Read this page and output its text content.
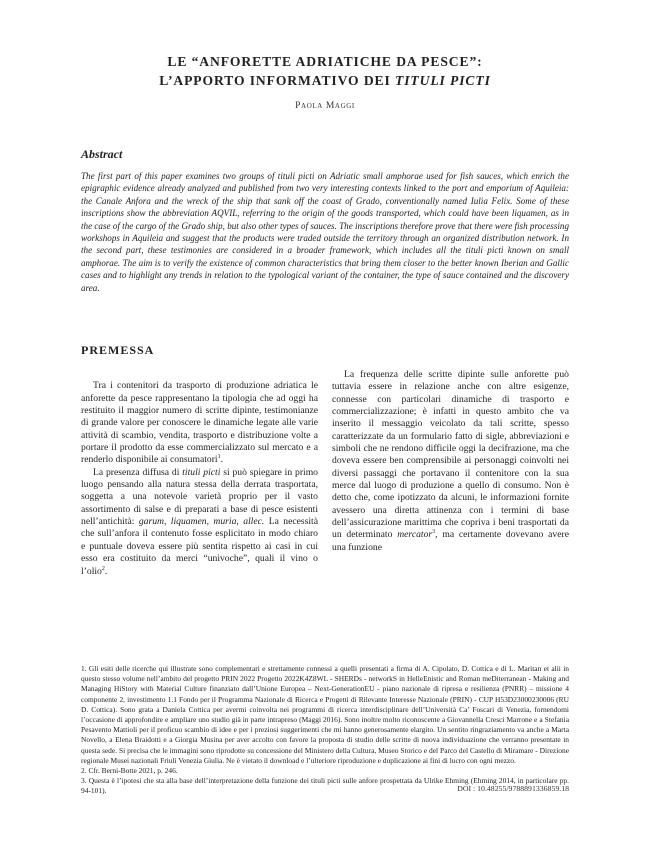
LE “ANFORETTE ADRIATICHE DA PESCE”:
L’APPORTO INFORMATIVO DEI TITULI PICTI
Paola Maggi
Abstract
The first part of this paper examines two groups of tituli picti on Adriatic small amphorae used for fish sauces, which enrich the epigraphic evidence already analyzed and published from two very interesting contexts linked to the port and emporium of Aquileia: the Canale Anfora and the wreck of the ship that sank off the coast of Grado, conventionally named Iulia Felix. Some of these inscriptions show the abbreviation AQVIL, referring to the origin of the goods transported, which could have been liquamen, as in the case of the cargo of the Grado ship, but also other types of sauces. The inscriptions therefore prove that there were fish processing workshops in Aquileia and suggest that the products were traded outside the territory through an organized distribution network. In the second part, these testimonies are considered in a broader framework, which includes all the tituli picti known on small amphorae. The aim is to verify the existence of common characteristics that bring them closer to the better known Iberian and Gallic cases and to highlight any trends in relation to the typological variant of the container, the type of sauce contained and the discovery area.
PREMESSA

Tra i contenitori da trasporto di produzione adriatica le anforette da pesce rappresentano la tipologia che ad oggi ha restituito il maggior numero di scritte dipinte, testimonianze di grande valore per conoscere le dinamiche legate alle varie attività di scambio, vendita, trasporto e distribuzione volte a portare il prodotto da esse commercializzato sul mercato e a renderlo disponibile ai consumatori$^1$.

La presenza diffusa di tituli picti si può spiegare in primo luogo pensando alla natura stessa della derrata trasportata, soggetta a una notevole varietà proprio per il vasto assortimento di salse e di preparati a base di pesce esistenti nell’antichità: garum, liquamen, muria, allec. La necessità che sull’anfora il contenuto fosse esplicitato in modo chiaro e puntuale doveva essere più sentita rispetto ai casi in cui esso era costituito da merci “univoche”, quali il vino o l’olio$^2$.

La frequenza delle scritte dipinte sulle anforette può tuttavia essere in relazione anche con altre esigenze, connesse con particolari dinamiche di trasporto e commercializzazione; è infatti in questo ambito che va inserito il messaggio veicolato da tali scritte, spesso caratterizzate da un formulario fatto di sigle, abbreviazioni e simboli che ne rendono difficile oggi la decifrazione, ma che doveva essere ben comprensibile ai personaggi coinvolti nei diversi passaggi che portavano il contenitore con la sua merce dal luogo di produzione a quello di consumo. Non è detto che, come ipotizzato da alcuni, le informazioni fornite avessero una diretta attinenza con i termini di base dell’assicurazione marittima che copriva i beni trasportati da un determinato mercator$^3$, ma certamente dovevano avere una funzione

1. Gli esiti delle ricerche qui illustrate sono complementari e strettamente connessi a quelli presentati a firma di A. Cipolato, D. Cottica e di L. Maritan et alii in questo stesso volume nell’ambito del progetto PRIN 2022 Progetto 2022K4Z8WL - SHERDs - networkS in HelleEnistic and Roman meDiterranean - Making and Managing HiStory with Material Culture finanziato dall’Unione Europea – Next-GenerationEU - piano nazionale di ripresa e resilienza (PNRR) – missione 4 componente 2, investimento 1.1 Fondo per il Programma Nazionale di Ricerca e Progetti di Rilevante Interesse Nazionale (PRIN) - CUP H53D23000230006 (RU D. Cottica). Sono grata a Daniela Cottica per avermi coinvolta nei programmi di ricerca interdisciplinare dell’Università Ca’ Foscari di Venezia, fornendomi l’occasione di approfondire e ampliare uno studio già in parte intrapreso (Maggi 2016). Sono inoltre molto riconoscente a Giovannella Cresci Marrone e a Stefania Pesavento Mattioli per il proficuo scambio di idee e per i preziosi suggerimenti che mi hanno generosamente elargito. Un sentito ringraziamento va anche a Marta Novello, a Elena Braidotti e a Giorgia Musina per aver accolto con favore la proposta di studio delle scritte di nuova individuazione che verranno presentate in questa sede. Si precisa che le immagini sono riprodotte su concessione del Ministero della Cultura, Museo Storico e del Parco del Castello di Miramare - Direzione regionale Musei nazionali Friuli Venezia Giulia. Ne è vietato il download e l’ulteriore riproduzione e duplicazione ai fini di lucro con ogni mezzo.

2. Cfr. Berni-Botte 2021, p. 246.

3. Questa è l’ipotesi che sta alla base dell’interpretazione della funzione dei tituli picti sulle anfore prospettata da Ulrike Ehming (Ehming 2014, in particolare pp. 94-101).	DOI : 10.48255/9788891336859.18
